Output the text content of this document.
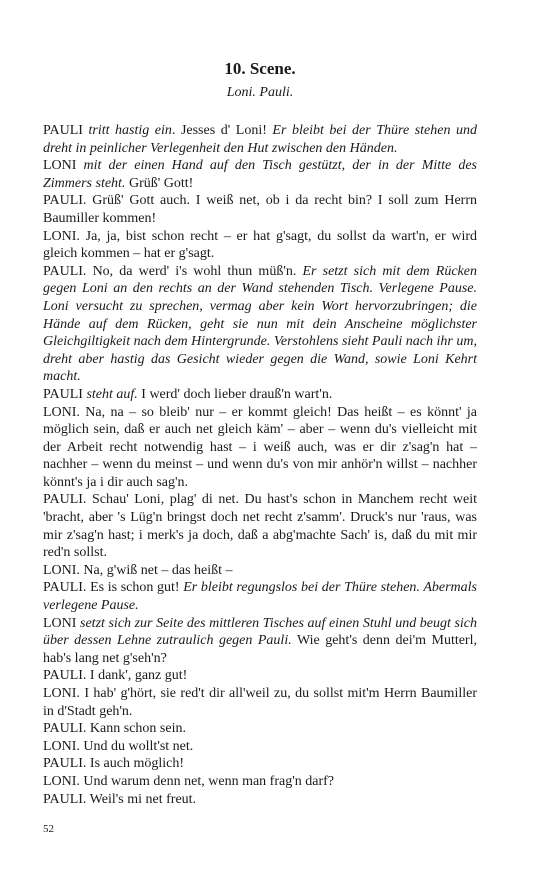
10. Scene.
Loni. Pauli.

PAULI tritt hastig ein. Jesses d' Loni! Er bleibt bei der Thüre stehen und dreht in peinlicher Verlegenheit den Hut zwischen den Händen.

LONI mit der einen Hand auf den Tisch gestützt, der in der Mitte des Zimmers steht. Grüß' Gott!

PAULI. Grüß' Gott auch. I weiß net, ob i da recht bin? I soll zum Herrn Baumiller kommen!

LONI. Ja, ja, bist schon recht – er hat g'sagt, du sollst da wart'n, er wird gleich kommen – hat er g'sagt.

PAULI. No, da werd' i's wohl thun müß'n. Er setzt sich mit dem Rücken gegen Loni an den rechts an der Wand stehenden Tisch. Verlegene Pause. Loni versucht zu sprechen, vermag aber kein Wort hervorzubringen; die Hände auf dem Rücken, geht sie nun mit dein Anscheine möglichster Gleichgiltigkeit nach dem Hintergrunde. Verstohlens sieht Pauli nach ihr um, dreht aber hastig das Gesicht wieder gegen die Wand, sowie Loni Kehrt macht.

PAULI steht auf. I werd' doch lieber drauß'n wart'n.

LONI. Na, na – so bleib' nur – er kommt gleich! Das heißt – es könnt' ja möglich sein, daß er auch net gleich käm' – aber – wenn du's vielleicht mit der Arbeit recht notwendig hast – i weiß auch, was er dir z'sag'n hat – nachher – wenn du meinst – und wenn du's von mir anhör'n willst – nachher könnt's ja i dir auch sag'n.

PAULI. Schau' Loni, plag' di net. Du hast's schon in Manchem recht weit 'bracht, aber 's Lüg'n bringst doch net recht z'samm'. Druck's nur 'raus, was mir z'sag'n hast; i merk's ja doch, daß a abg'machte Sach' is, daß du mit mir red'n sollst.

LONI. Na, g'wiß net – das heißt –

PAULI. Es is schon gut! Er bleibt regungslos bei der Thüre stehen. Abermals verlegene Pause.

LONI setzt sich zur Seite des mittleren Tisches auf einen Stuhl und beugt sich über dessen Lehne zutraulich gegen Pauli. Wie geht's denn dei'm Mutterl, hab's lang net g'seh'n?

PAULI. I dank', ganz gut!

LONI. I hab' g'hört, sie red't dir all'weil zu, du sollst mit'm Herrn Baumiller in d'Stadt geh'n.

PAULI. Kann schon sein.

LONI. Und du wollt'st net.

PAULI. Is auch möglich!

LONI. Und warum denn net, wenn man frag'n darf?

PAULI. Weil's mi net freut.

52
